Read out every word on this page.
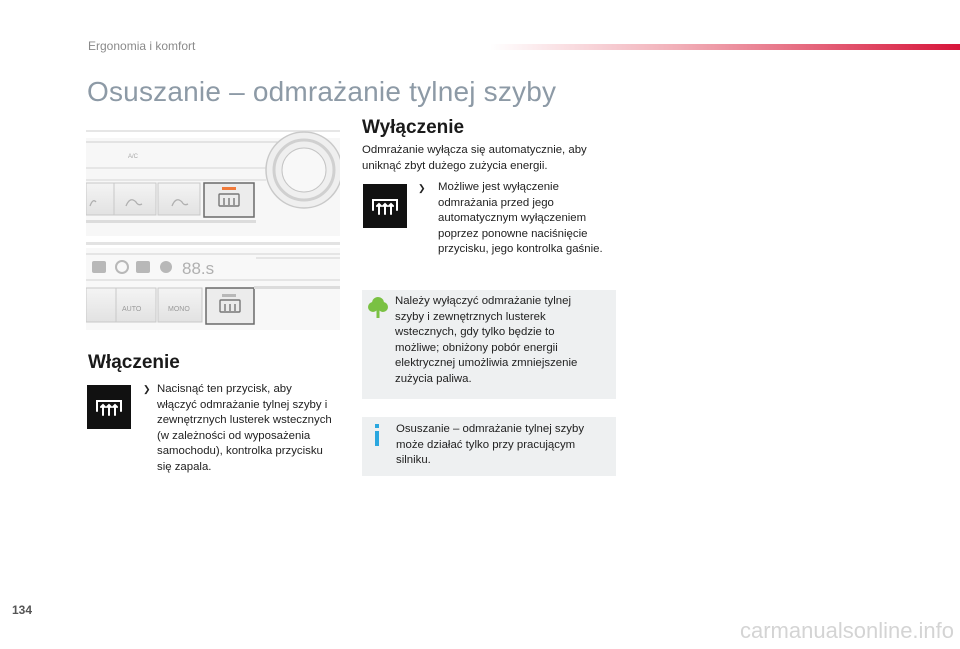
Ergonomia i komfort
Osuszanie – odmrażanie tylnej szyby
88.s
AUTO	MONO
A/C
Włączenie
❯ Nacisnąć ten przycisk, aby włączyć odmrażanie tylnej szyby i zewnętrznych lusterek wstecznych (w zależności od wyposażenia samochodu), kontrolka przycisku się zapala.
Wyłączenie
Odmrażanie wyłącza się automatycznie, aby uniknąć zbyt dużego zużycia energii.
❯ Możliwe jest wyłączenie odmrażania przed jego automatycznym wyłączeniem poprzez ponowne naciśnięcie przycisku, jego kontrolka gaśnie.
Należy wyłączyć odmrażanie tylnej szyby i zewnętrznych lusterek wstecznych, gdy tylko będzie to możliwe; obniżony pobór energii elektrycznej umożliwia zmniejszenie zużycia paliwa.
Osuszanie – odmrażanie tylnej szyby może działać tylko przy pracującym silniku.
134
carmanualsonline.info
